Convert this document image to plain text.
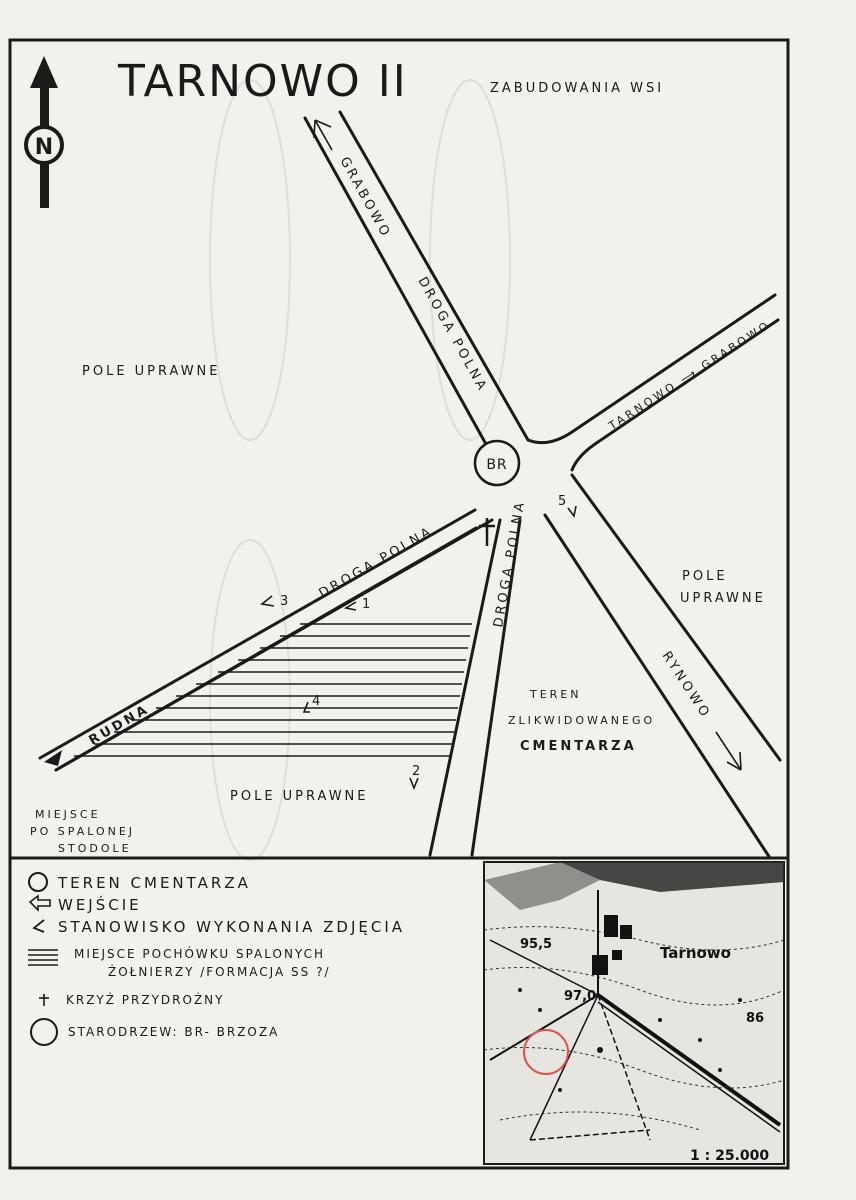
N
TARNOWO II
BR
ZABUDOWANIA WSI
POLE UPRAWNE
POLE
UPRAWNE
POLE UPRAWNE
TEREN
ZLIKWIDOWANEGO
CMENTARZA
MIEJSCE
PO SPALONEJ
STODOLE
GRABOWO
DROGA POLNA	TARNOWO ⟶ GRABOWO
DROGA POLNA	DROGA POLNA
RUDNA
RYNOWO
1
2
3
4
5
TEREN CMENTARZA
WEJŚCIE
STANOWISKO WYKONANIA ZDJĘCIA
MIEJSCE POCHÓWKU SPALONYCH
ŻOŁNIERZY /FORMACJA SS ?/
KRZYŻ PRZYDROŻNY
STARODRZEW: BR- BRZOZA
95,5	Tarnowo
97,0
86
1 : 25.000
